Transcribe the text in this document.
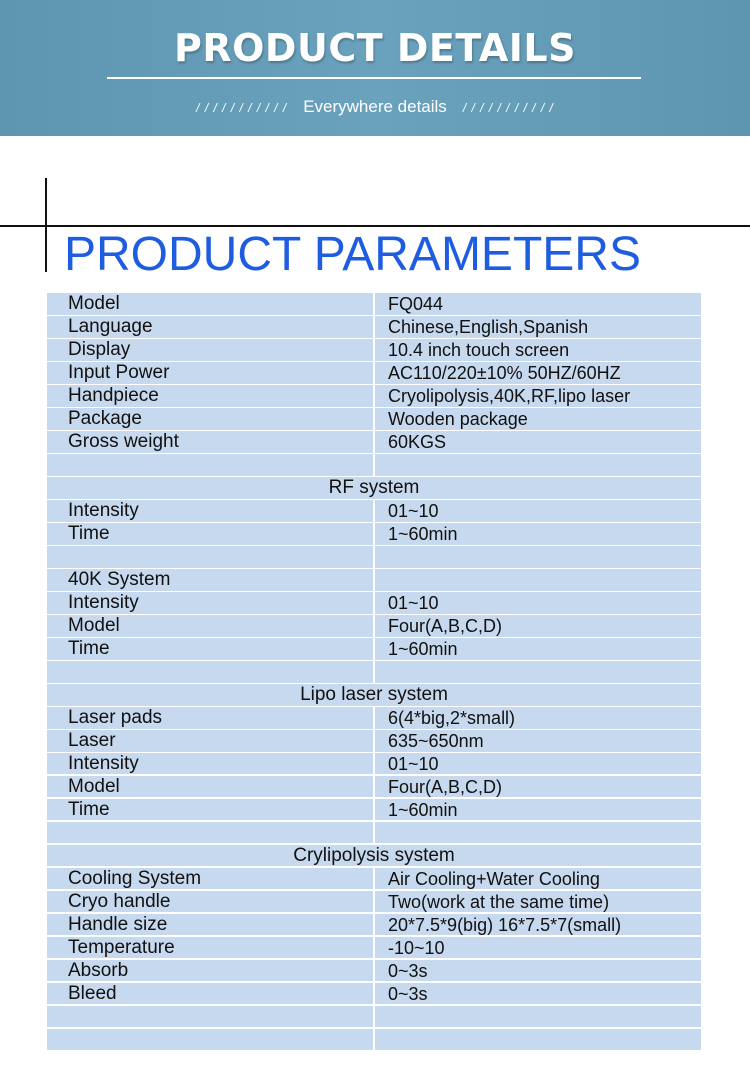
PRODUCT DETAILS
/ / / / / / / / / / / Everywhere details / / / / / / / / / / /
PRODUCT PARAMETERS
Model	FQ044
Language	Chinese,English,Spanish
Display	10.4 inch touch screen
Input Power	AC110/220±10% 50HZ/60HZ
Handpiece	Cryolipolysis,40K,RF,lipo laser
Package	Wooden package
Gross weight	60KGS
RF system
Intensity	01~10
Time	1~60min
40K System
Intensity	01~10
Model	Four(A,B,C,D)
Time	1~60min
Lipo laser system
Laser pads	6(4*big,2*small)
Laser	635~650nm
Intensity	01~10
Model	Four(A,B,C,D)
Time	1~60min
Crylipolysis system
Cooling System	Air Cooling+Water Cooling
Cryo handle	Two(work at the same time)
Handle size	20*7.5*9(big) 16*7.5*7(small)
Temperature	-10~10
Absorb	0~3s
Bleed	0~3s
